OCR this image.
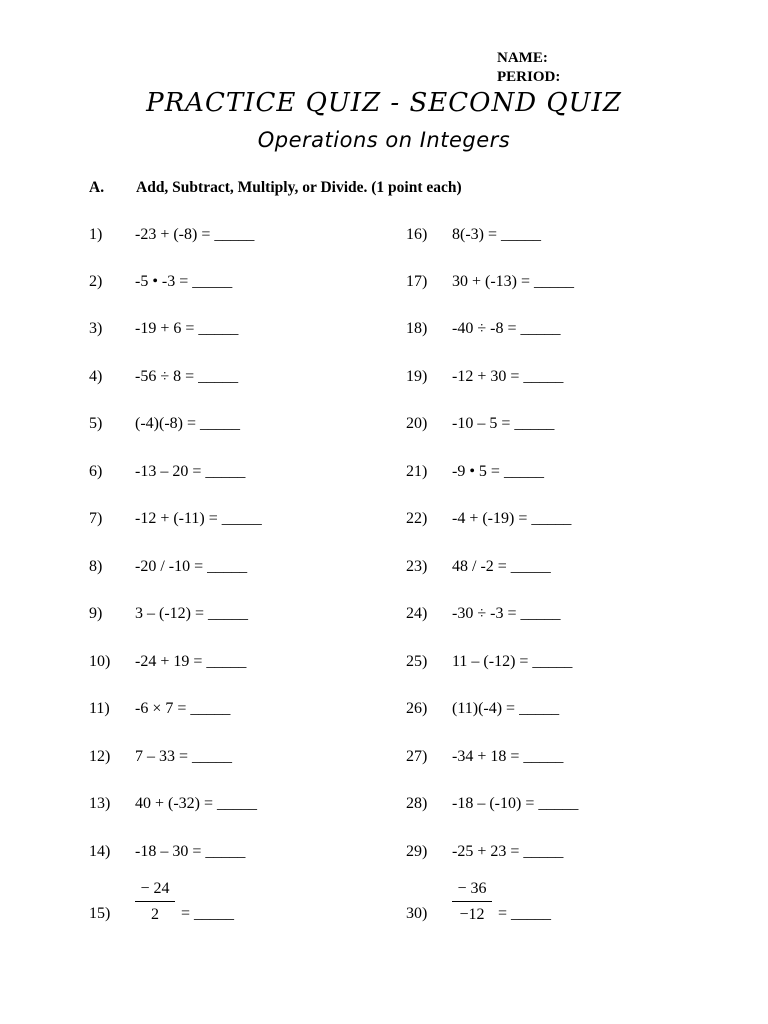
NAME:
PERIOD:
PRACTICE QUIZ - SECOND QUIZ
Operations on Integers
A. Add, Subtract, Multiply, or Divide. (1 point each)
1) -23 + (-8) = _____
2) -5 • -3 = _____
3) -19 + 6 = _____
4) -56 ÷ 8 = _____
5) (-4)(-8) = _____
6) -13 – 20 = _____
7) -12 + (-11) = _____
8) -20 / -10 = _____
9) 3 – (-12) = _____
10) -24 + 19 = _____
11) -6 × 7 = _____
12) 7 – 33 = _____
13) 40 + (-32) = _____
14) -18 – 30 = _____
15)
− 24
2	= _____
16) 8(-3) = _____
17) 30 + (-13) = _____
18) -40 ÷ -8 = _____
19) -12 + 30 = _____
20) -10 – 5 = _____
21) -9 • 5 = _____
22) -4 + (-19) = _____
23) 48 / -2 = _____
24) -30 ÷ -3 = _____
25) 11 – (-12) = _____
26) (11)(-4) = _____
27) -34 + 18 = _____
28) -18 – (-10) = _____
29) -25 + 23 = _____
30)
− 36
−12 = _____
